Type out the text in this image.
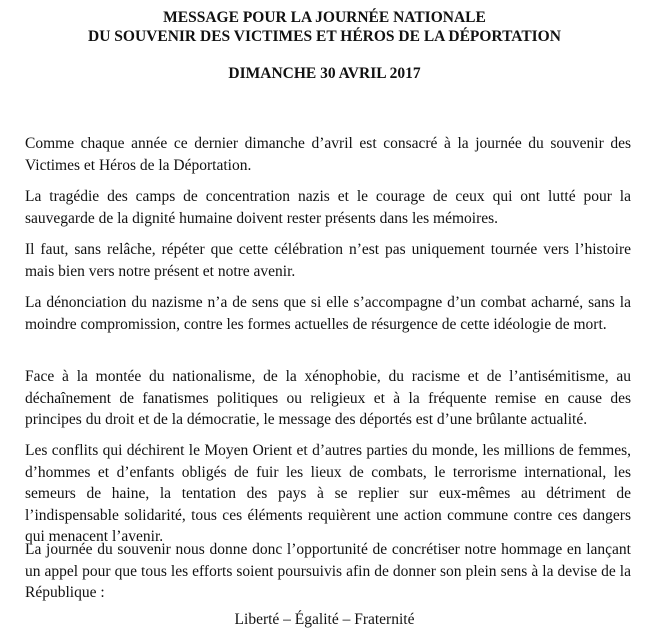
MESSAGE POUR LA JOURNÉE NATIONALE
DU SOUVENIR DES VICTIMES ET HÉROS DE LA DÉPORTATION
DIMANCHE 30 AVRIL 2017

Comme chaque année ce dernier dimanche d’avril est consacré à la journée du souvenir des Victimes et Héros de la Déportation.

La tragédie des camps de concentration nazis et le courage de ceux qui ont lutté pour la sauvegarde de la dignité humaine doivent rester présents dans les mémoires.

Il faut, sans relâche, répéter que cette célébration n’est pas uniquement tournée vers l’histoire mais bien vers notre présent et notre avenir.

La dénonciation du nazisme n’a de sens que si elle s’accompagne d’un combat acharné, sans la moindre compromission, contre les formes actuelles de résurgence de cette idéologie de mort.

Face à la montée du nationalisme, de la xénophobie, du racisme et de l’antisémitisme, au déchaînement de fanatismes politiques ou religieux et à la fréquente remise en cause des principes du droit et de la démocratie, le message des déportés est d’une brûlante actualité.

Les conflits qui déchirent le Moyen Orient et d’autres parties du monde, les millions de femmes, d’hommes et d’enfants obligés de fuir les lieux de combats, le terrorisme international, les semeurs de haine, la tentation des pays à se replier sur eux-mêmes au détriment de l’indispensable solidarité, tous ces éléments requièrent une action commune contre ces dangers qui menacent l’avenir.

La journée du souvenir nous donne donc l’opportunité de concrétiser notre hommage en lançant un appel pour que tous les efforts soient poursuivis afin de donner son plein sens à la devise de la République :

Liberté – Égalité – Fraternité
